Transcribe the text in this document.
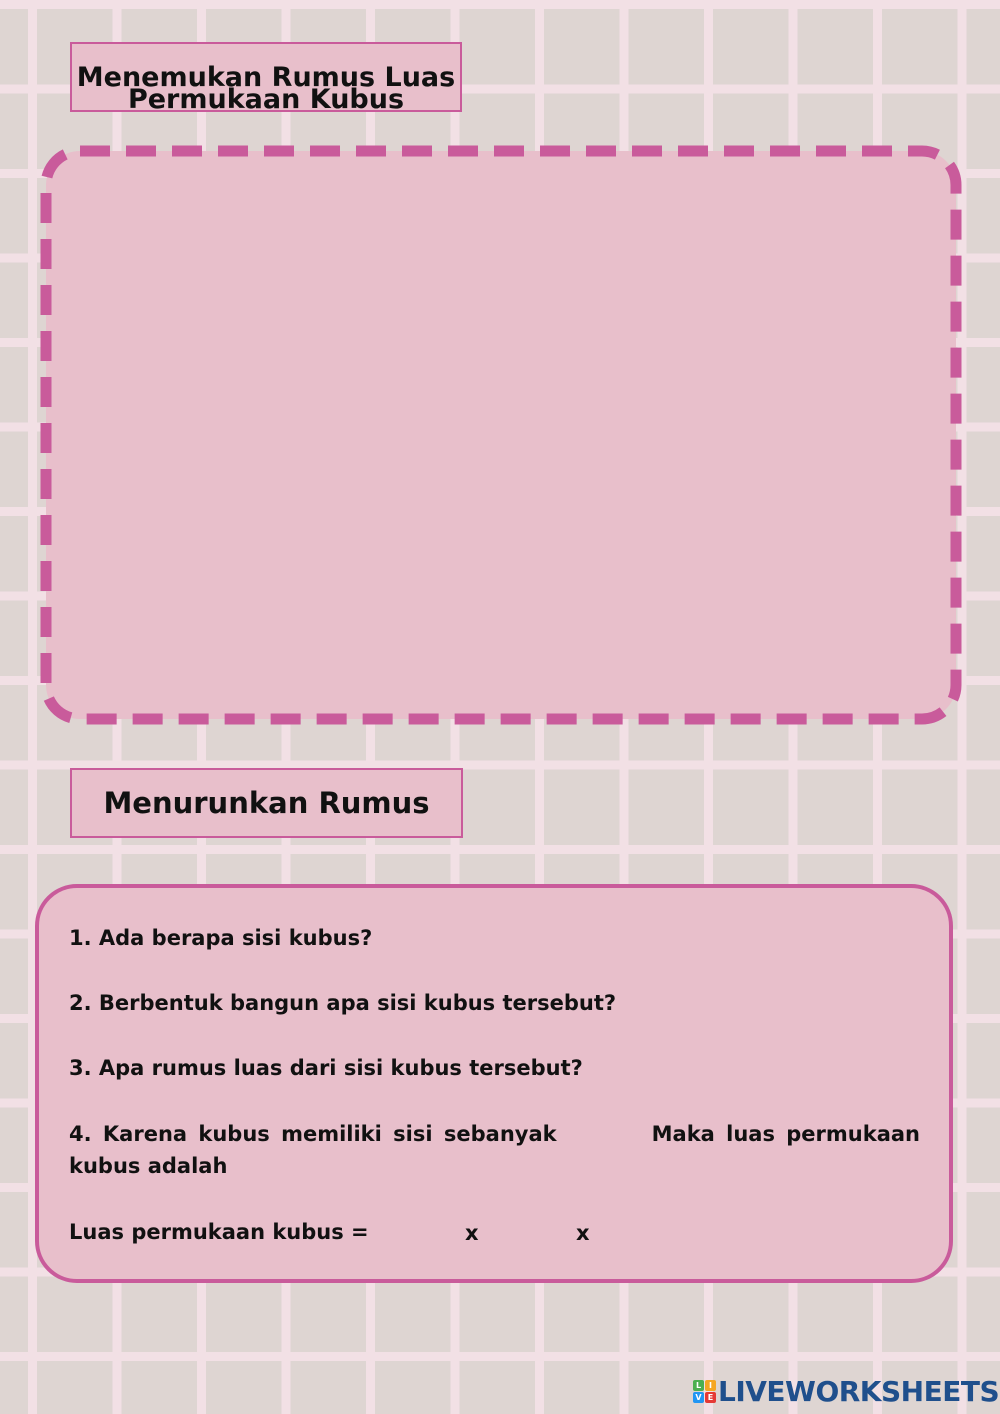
Menemukan Rumus Luas
Permukaan Kubus
Menurunkan Rumus
1. Ada berapa sisi kubus?
2. Berbentuk bangun apa sisi kubus tersebut?
3. Apa rumus luas dari sisi kubus tersebut?
4. Karena kubus memiliki sisi sebanyak	Maka luas permukaan
kubus adalah
Luas permukaan kubus =	x	x
L I
V E LIVEWORKSHEETS
